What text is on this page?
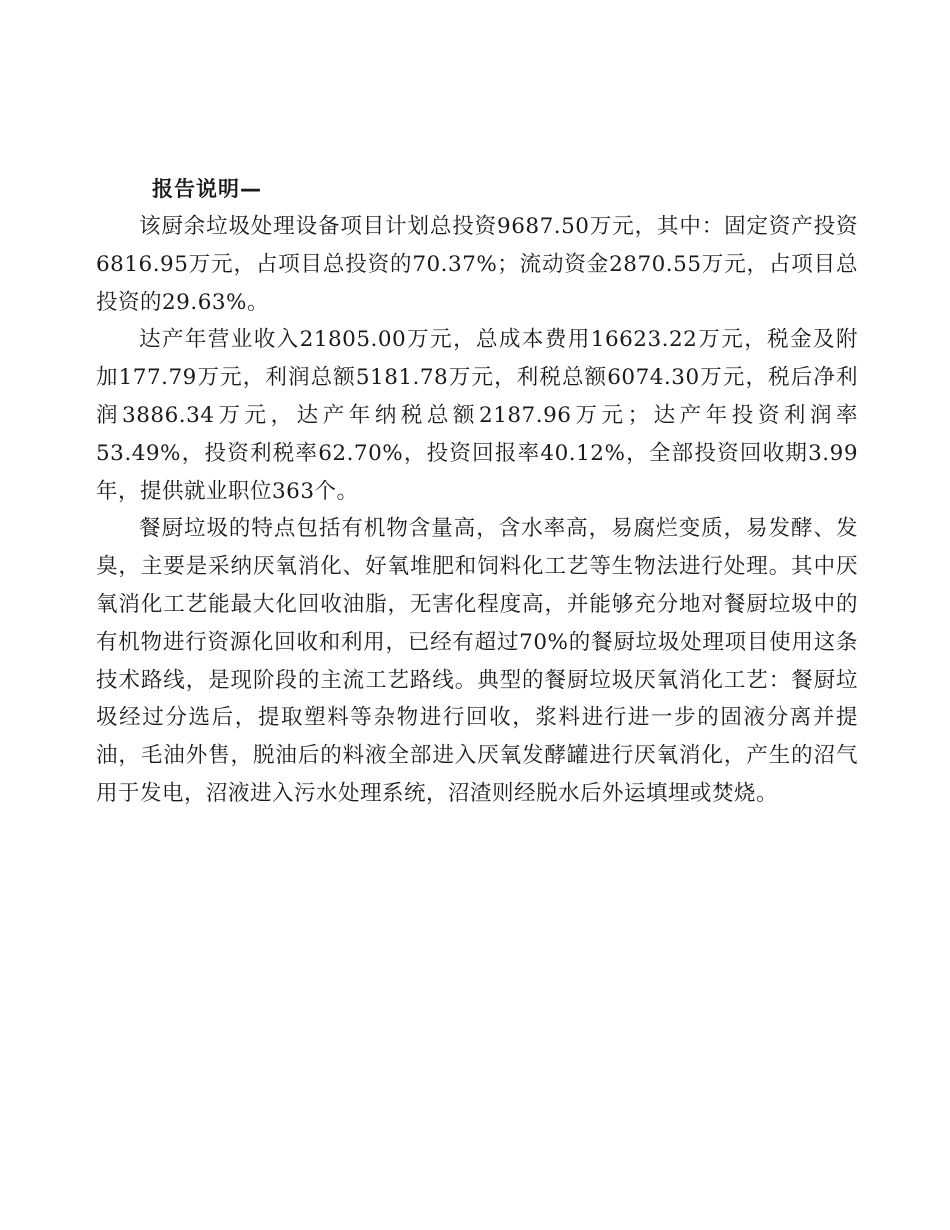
报告说明—

该厨余垃圾处理设备项目计划总投资9687.50万元，其中：固定资产投资6816.95万元，占项目总投资的70.37%；流动资金2870.55万元，占项目总投资的29.63%。

达产年营业收入21805.00万元，总成本费用16623.22万元，税金及附加177.79万元，利润总额5181.78万元，利税总额6074.30万元，税后净利润3886.34万元，达产年纳税总额2187.96万元；达产年投资利润率53.49%，投资利税率62.70%，投资回报率40.12%，全部投资回收期3.99年，提供就业职位363个。

餐厨垃圾的特点包括有机物含量高，含水率高，易腐烂变质，易发酵、发臭，主要是采纳厌氧消化、好氧堆肥和饲料化工艺等生物法进行处理。其中厌氧消化工艺能最大化回收油脂，无害化程度高，并能够充分地对餐厨垃圾中的有机物进行资源化回收和利用，已经有超过70%的餐厨垃圾处理项目使用这条技术路线，是现阶段的主流工艺路线。典型的餐厨垃圾厌氧消化工艺：餐厨垃圾经过分选后，提取塑料等杂物进行回收，浆料进行进一步的固液分离并提油，毛油外售，脱油后的料液全部进入厌氧发酵罐进行厌氧消化，产生的沼气用于发电，沼液进入污水处理系统，沼渣则经脱水后外运填埋或焚烧。
